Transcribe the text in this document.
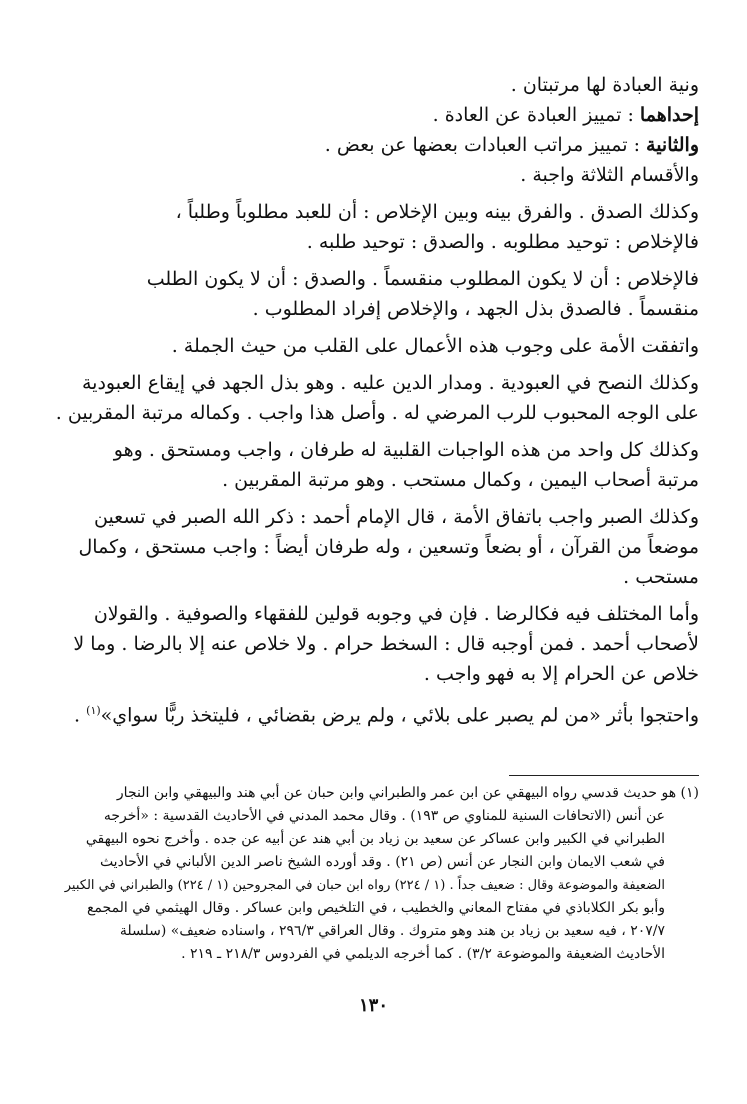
ونية العبادة لها مرتبتان .
إحداهما : تمييز العبادة عن العادة .
والثانية : تمييز مراتب العبادات بعضها عن بعض .
والأقسام الثلاثة واجبة .
وكذلك الصدق . والفرق بينه وبين الإخلاص : أن للعبد مطلوباً وطلباً ،
فالإخلاص : توحيد مطلوبه . والصدق : توحيد طلبه .
فالإخلاص : أن لا يكون المطلوب منقسماً . والصدق : أن لا يكون الطلب
منقسماً . فالصدق بذل الجهد ، والإخلاص إفراد المطلوب .
واتفقت الأمة على وجوب هذه الأعمال على القلب من حيث الجملة .
وكذلك النصح في العبودية . ومدار الدين عليه . وهو بذل الجهد في إيقاع العبودية
على الوجه المحبوب للرب المرضي له . وأصل هذا واجب . وكماله مرتبة المقربين .
وكذلك كل واحد من هذه الواجبات القلبية له طرفان ، واجب ومستحق . وهو
مرتبة أصحاب اليمين ، وكمال مستحب . وهو مرتبة المقربين .
وكذلك الصبر واجب باتفاق الأمة ، قال الإمام أحمد : ذكر الله الصبر في تسعين
موضعاً من القرآن ، أو بضعاً وتسعين ، وله طرفان أيضاً : واجب مستحق ، وكمال
مستحب .
وأما المختلف فيه فكالرضا . فإن في وجوبه قولين للفقهاء والصوفية . والقولان
لأصحاب أحمد . فمن أوجبه قال : السخط حرام . ولا خلاص عنه إلا بالرضا . وما لا
خلاص عن الحرام إلا به فهو واجب .
واحتجوا بأثر «من لم يصبر على بلائي ، ولم يرض بقضائي ، فليتخذ ربًّا سواي»$^{(١)}$ .
(١) هو حديث قدسي رواه البيهقي عن ابن عمر والطبراني وابن حبان عن أبي هند والبيهقي وابن النجار
عن أنس (الاتحافات السنية للمناوي ص ١٩٣) . وقال محمد المدني في الأحاديث القدسية : «أخرجه
الطبراني في الكبير وابن عساكر عن سعيد بن زياد بن أبي هند عن أبيه عن جده . وأخرج نحوه البيهقي
في شعب الايمان وابن النجار عن أنس (ص ٢١) . وقد أورده الشيخ ناصر الدين الألباني في الأحاديث
الضعيفة والموضوعة وقال : ضعيف جداً . (١ / ٢٢٤) رواه ابن حبان في المجروحين (١ / ٢٢٤) والطبراني في الكبير
وأبو بكر الكلاباذي في مفتاح المعاني والخطيب ، في التلخيص وابن عساكر . وقال الهيثمي في المجمع
٢٠٧/٧ ، فيه سعيد بن زياد بن هند وهو متروك . وقال العراقي ٢٩٦/٣ ، واسناده ضعيف» (سلسلة
الأحاديث الضعيفة والموضوعة ٣/٢) . كما أخرجه الديلمي في الفردوس ٢١٨/٣ ـ ٢١٩ .
١٣٠
